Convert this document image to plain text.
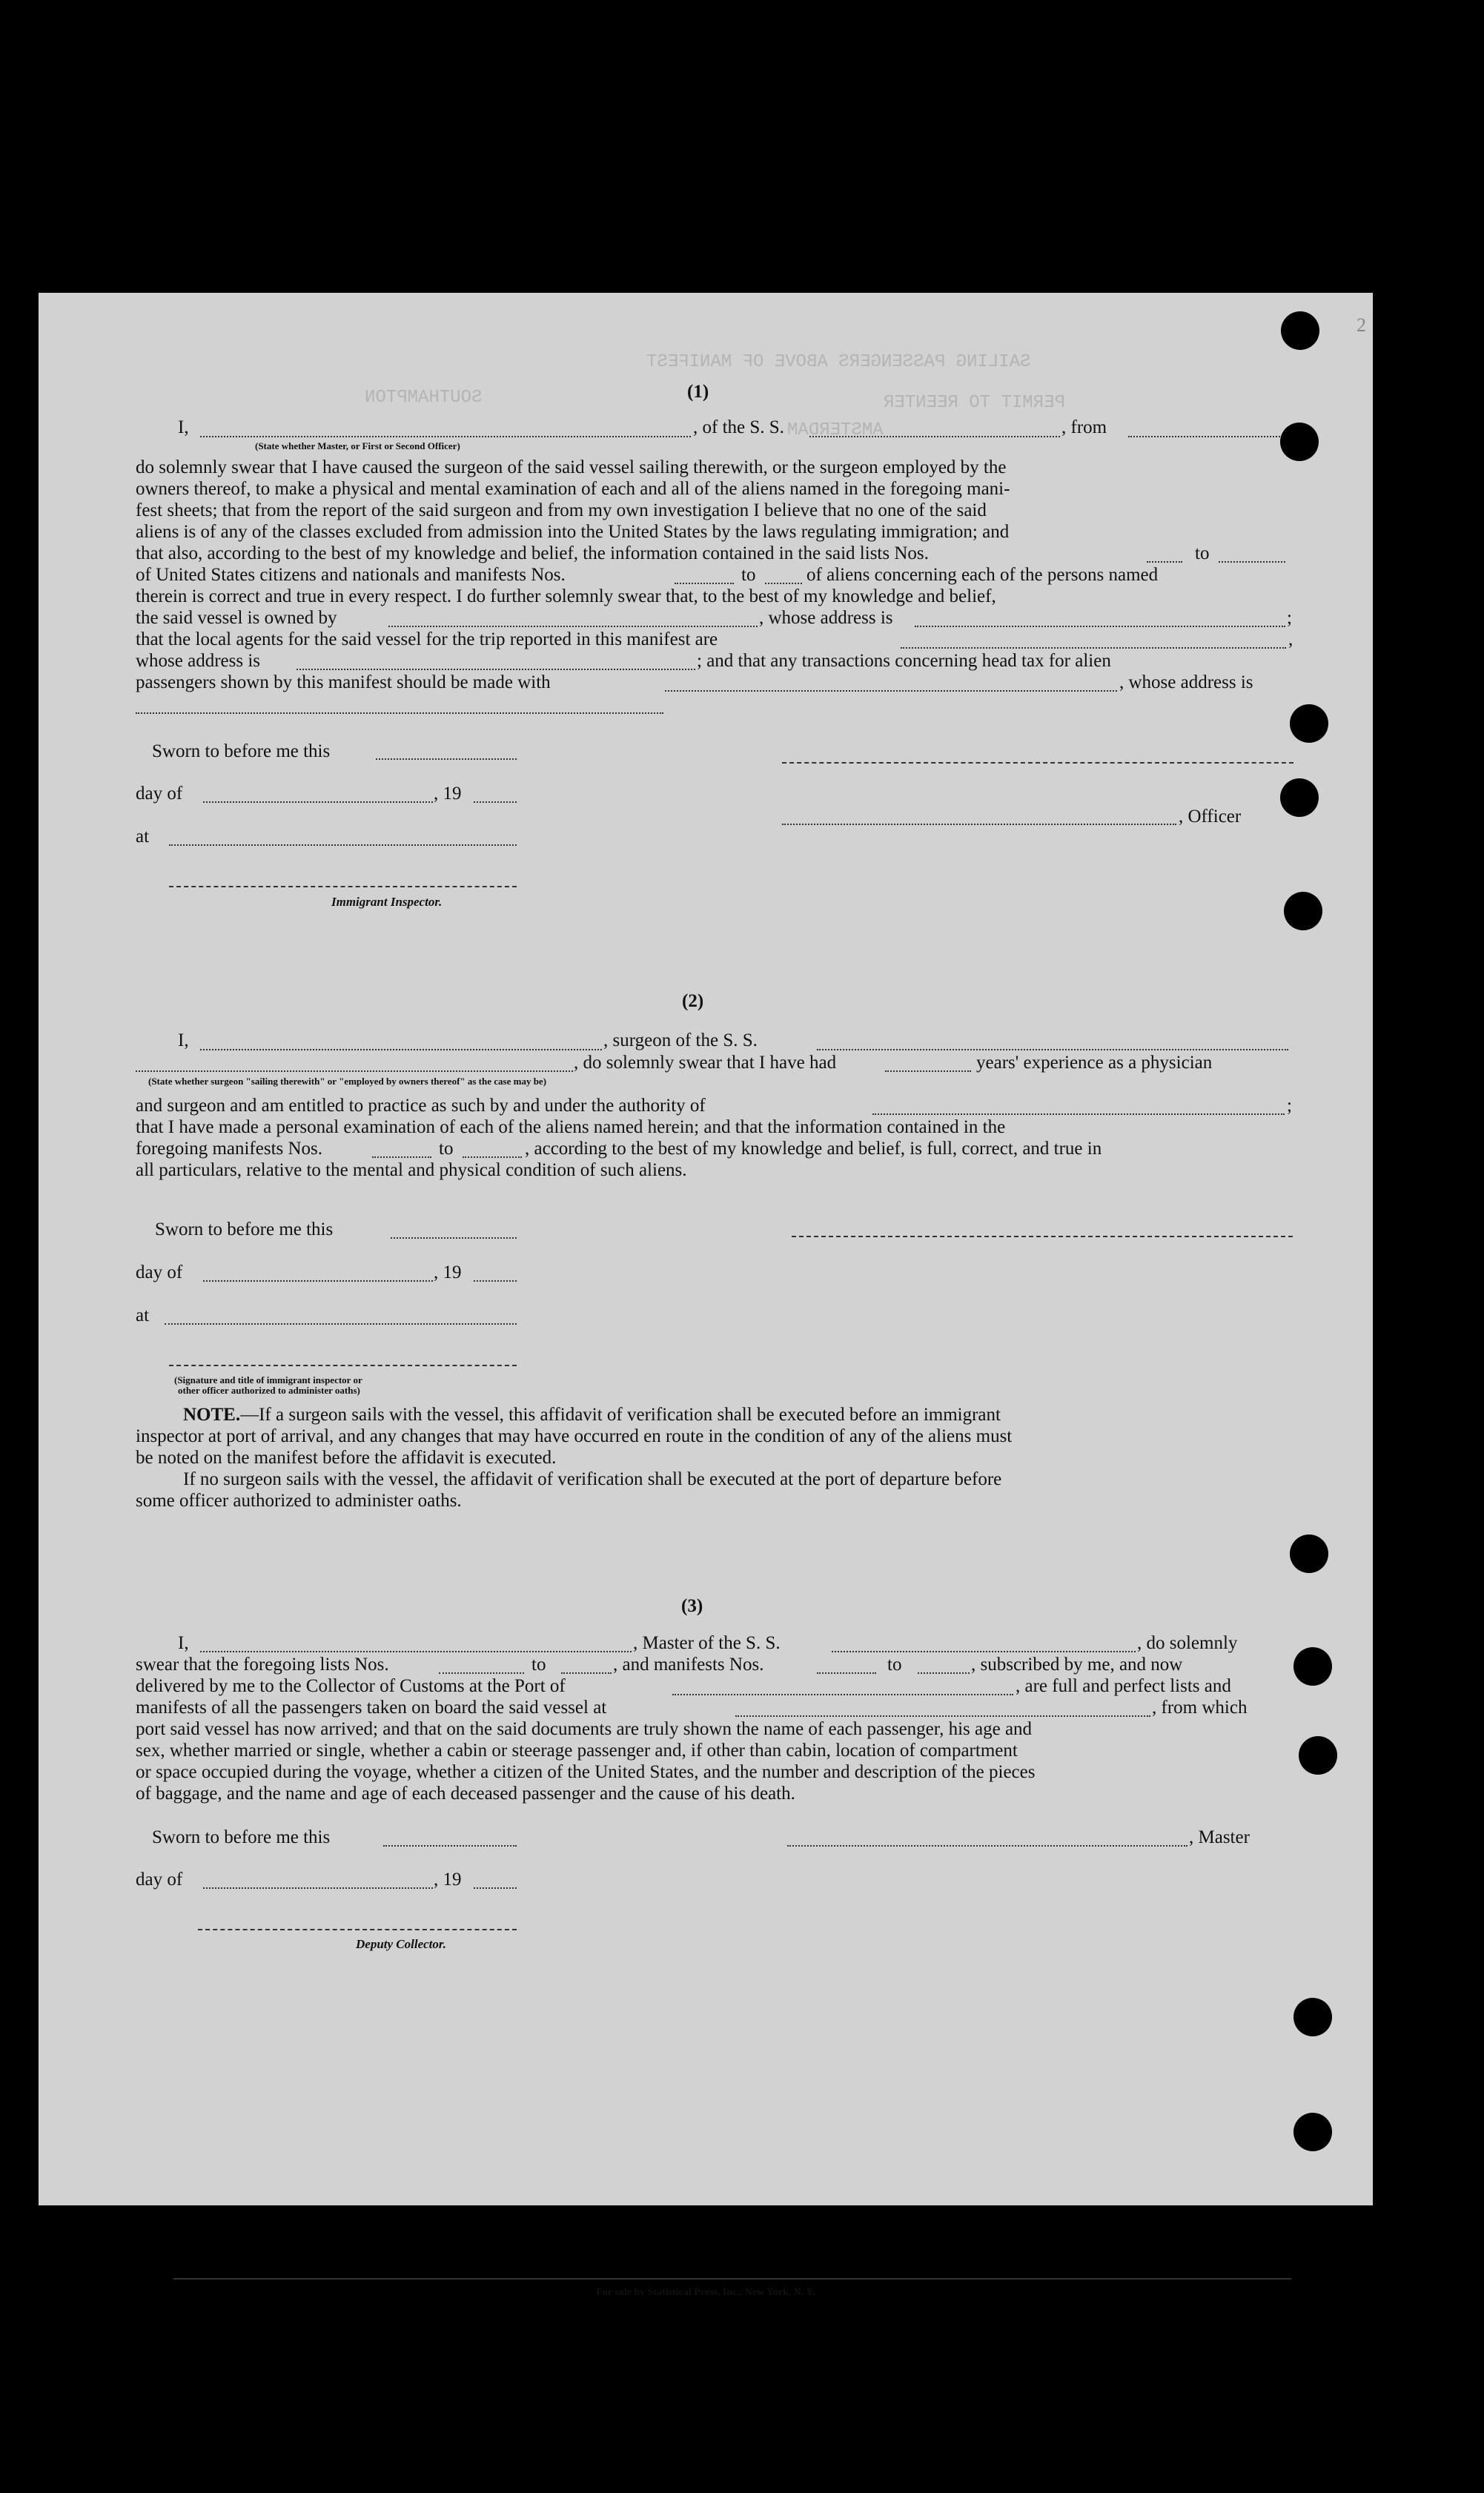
SAILING PASSENGERS ABOVE OF MANIFEST
SOUTHAMPTON
AMSTERDAM
PERMIT TO REENTER
(1)
I,	, of the S. S.	, from
(State whether Master, or First or Second Officer)
do solemnly swear that I have caused the surgeon of the said vessel sailing therewith, or the surgeon employed by the
owners thereof, to make a physical and mental examination of each and all of the aliens named in the foregoing mani-
fest sheets; that from the report of the said surgeon and from my own investigation I believe that no one of the said
aliens is of any of the classes excluded from admission into the United States by the laws regulating immigration; and
that also, according to the best of my knowledge and belief, the information contained in the said lists Nos.	to
of United States citizens and nationals and manifests Nos.	to	of aliens concerning each of the persons named
therein is correct and true in every respect. I do further solemnly swear that, to the best of my knowledge and belief,
the said vessel is owned by	, whose address is	;
that the local agents for the said vessel for the trip reported in this manifest are	,
whose address is	; and that any transactions concerning head tax for alien
passengers shown by this manifest should be made with	, whose address is
Sworn to before me this
day of	, 19
at
Immigrant Inspector.
, Officer
(2)
I,	, surgeon of the S. S.
, do solemnly swear that I have had	years' experience as a physician
(State whether surgeon "sailing therewith" or "employed by owners thereof" as the case may be)
and surgeon and am entitled to practice as such by and under the authority of	;
that I have made a personal examination of each of the aliens named herein; and that the information contained in the
foregoing manifests Nos.	to	, according to the best of my knowledge and belief, is full, correct, and true in
all particulars, relative to the mental and physical condition of such aliens.
Sworn to before me this
day of	, 19
at
(Signature and title of immigrant inspector or
other officer authorized to administer oaths)
NOTE.—If a surgeon sails with the vessel, this affidavit of verification shall be executed before an immigrant
inspector at port of arrival, and any changes that may have occurred en route in the condition of any of the aliens must
be noted on the manifest before the affidavit is executed.
If no surgeon sails with the vessel, the affidavit of verification shall be executed at the port of departure before
some officer authorized to administer oaths.
(3)
I,	, Master of the S. S.	, do solemnly
swear that the foregoing lists Nos.	to	, and manifests Nos.	to	, subscribed by me, and now
delivered by me to the Collector of Customs at the Port of	, are full and perfect lists and
manifests of all the passengers taken on board the said vessel at	, from which
port said vessel has now arrived; and that on the said documents are truly shown the name of each passenger, his age and
sex, whether married or single, whether a cabin or steerage passenger and, if other than cabin, location of compartment
or space occupied during the voyage, whether a citizen of the United States, and the number and description of the pieces
of baggage, and the name and age of each deceased passenger and the cause of his death.
Sworn to before me this	, Master
day of	, 19
Deputy Collector.
For sale by Statistical Press, Inc., New York, N. Y.
2
